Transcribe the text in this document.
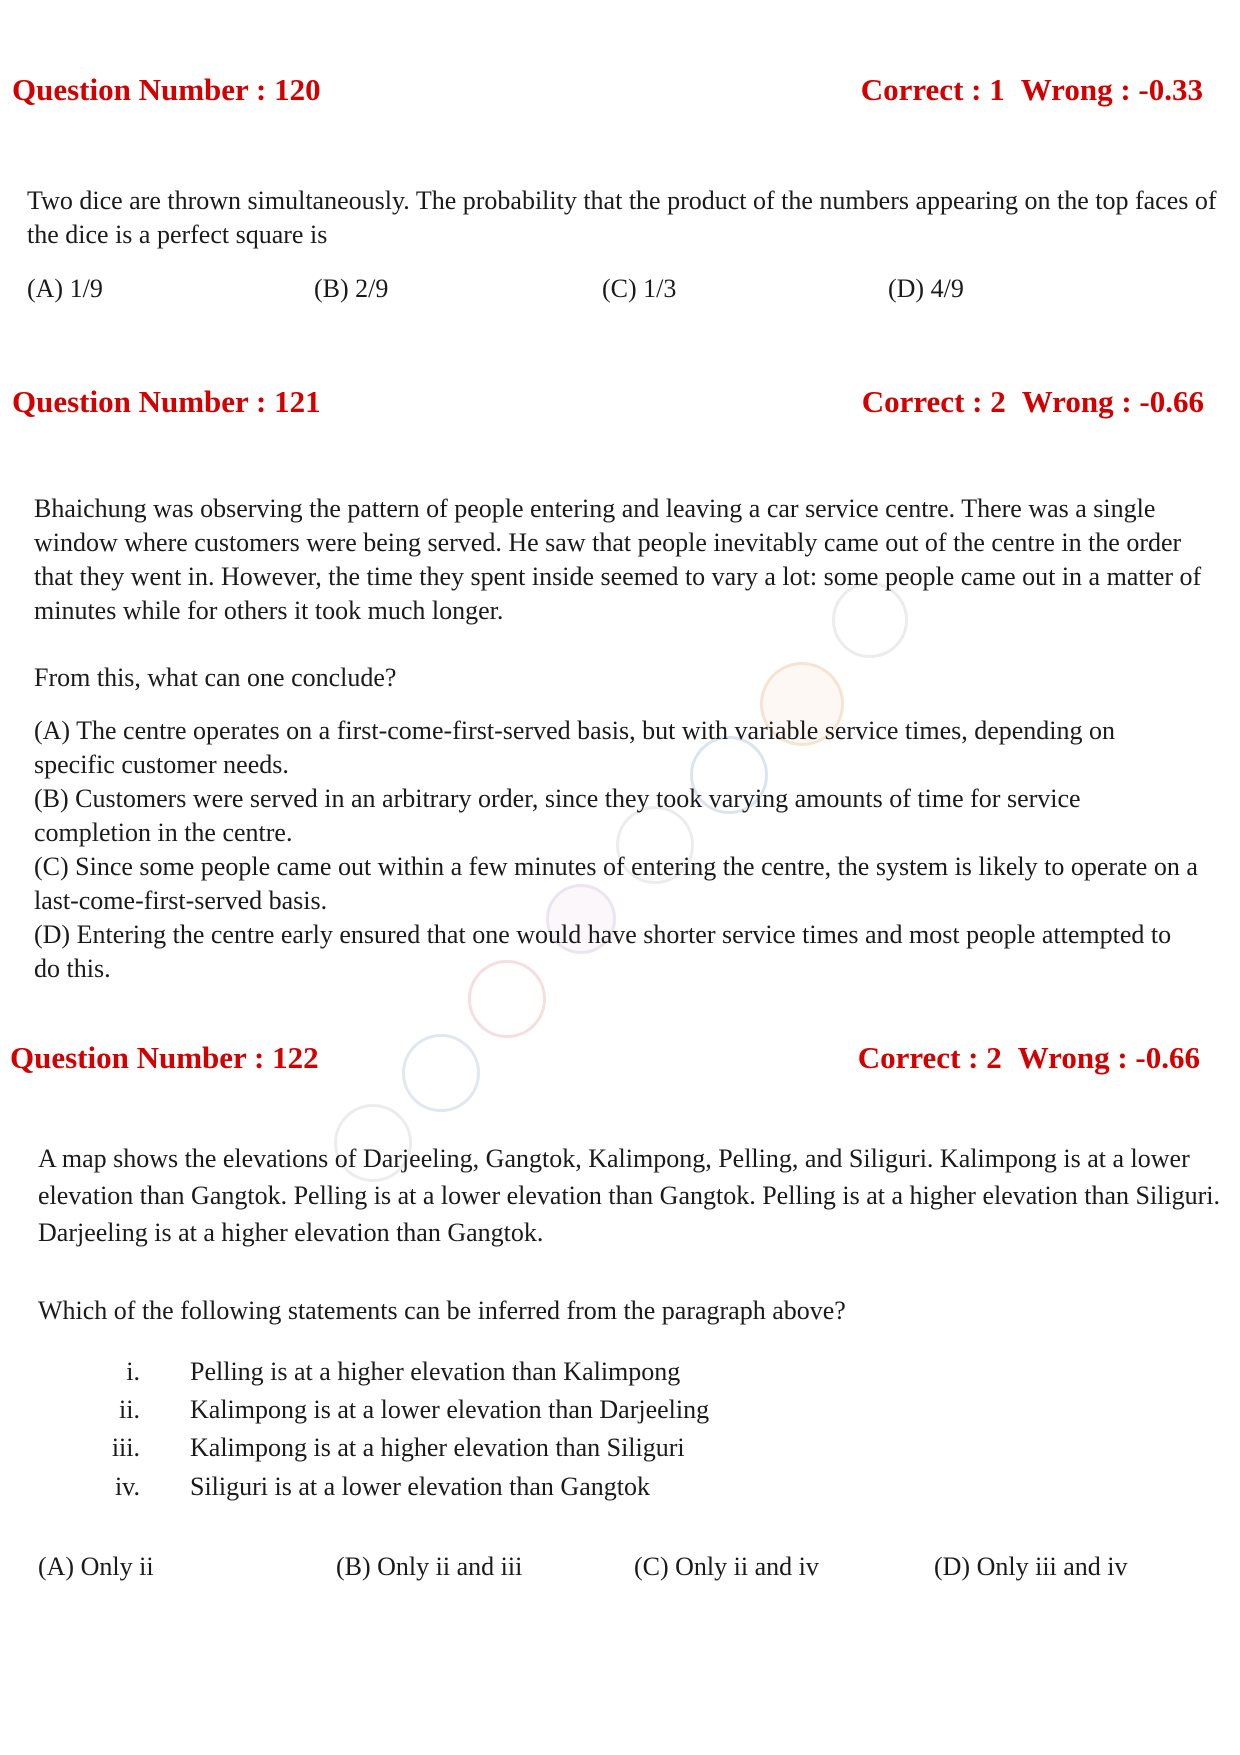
Question Number : 120	Correct : 1 Wrong : -0.33
Two dice are thrown simultaneously. The probability that the product of the numbers appearing on the top faces of the dice is a perfect square is
(A) 1/9	(B) 2/9	(C) 1/3	(D) 4/9
Question Number : 121	Correct : 2 Wrong : -0.66
Bhaichung was observing the pattern of people entering and leaving a car service centre. There was a single window where customers were being served. He saw that people inevitably came out of the centre in the order that they went in. However, the time they spent inside seemed to vary a lot: some people came out in a matter of minutes while for others it took much longer.
From this, what can one conclude?
(A) The centre operates on a first-come-first-served basis, but with variable service times, depending on specific customer needs.
(B) Customers were served in an arbitrary order, since they took varying amounts of time for service completion in the centre.
(C) Since some people came out within a few minutes of entering the centre, the system is likely to operate on a last-come-first-served basis.
(D) Entering the centre early ensured that one would have shorter service times and most people attempted to do this.
Question Number : 122	Correct : 2 Wrong : -0.66
A map shows the elevations of Darjeeling, Gangtok, Kalimpong, Pelling, and Siliguri. Kalimpong is at a lower elevation than Gangtok. Pelling is at a lower elevation than Gangtok. Pelling is at a higher elevation than Siliguri. Darjeeling is at a higher elevation than Gangtok.
Which of the following statements can be inferred from the paragraph above?
i. Pelling is at a higher elevation than Kalimpong
ii. Kalimpong is at a lower elevation than Darjeeling
iii. Kalimpong is at a higher elevation than Siliguri
iv. Siliguri is at a lower elevation than Gangtok
(A) Only ii	(B) Only ii and iii	(C) Only ii and iv	(D) Only iii and iv
